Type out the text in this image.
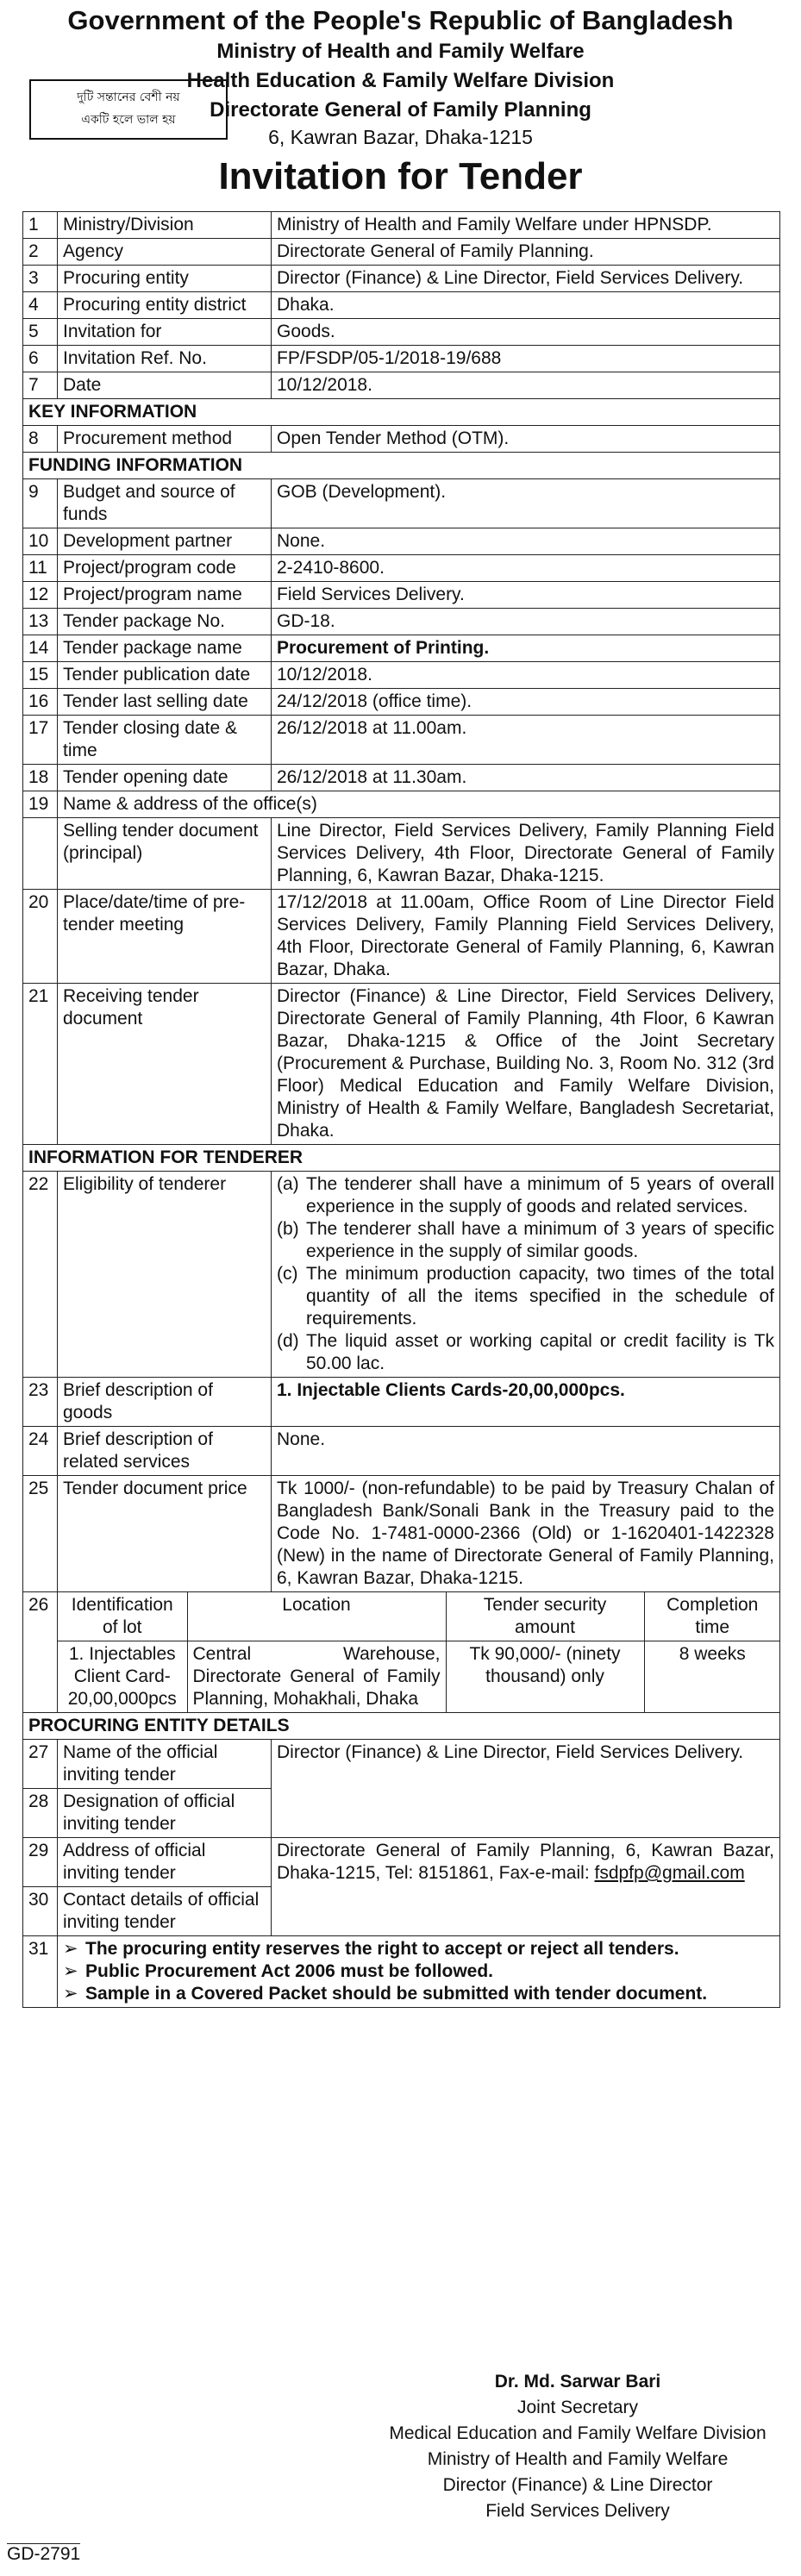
Government of the People's Republic of Bangladesh
Ministry of Health and Family Welfare
Health Education & Family Welfare Division
Directorate General of Family Planning
6, Kawran Bazar, Dhaka-1215
দুটি সন্তানের বেশী নয়
একটি হলে ভাল হয়
Invitation for Tender
1	Ministry/Division	Ministry of Health and Family Welfare under HPNSDP.
2	Agency	Directorate General of Family Planning.
3	Procuring entity	Director (Finance) & Line Director, Field Services Delivery.
4	Procuring entity district	Dhaka.
5	Invitation for	Goods.
6	Invitation Ref. No.	FP/FSDP/05-1/2018-19/688
7	Date	10/12/2018.
KEY INFORMATION
8	Procurement method	Open Tender Method (OTM).
FUNDING INFORMATION
9	Budget and source of funds	GOB (Development).
10	Development partner	None.
11	Project/program code	2-2410-8600.
12	Project/program name	Field Services Delivery.
13	Tender package No.	GD-18.
14	Tender package name	Procurement of Printing.
15	Tender publication date	10/12/2018.
16	Tender last selling date	24/12/2018 (office time).
17	Tender closing date & time	26/12/2018 at 11.00am.
18	Tender opening date	26/12/2018 at 11.30am.
19	Name & address of the office(s)
	Selling tender document (principal)	Line Director, Field Services Delivery, Family Planning Field Services Delivery, 4th Floor, Directorate General of Family Planning, 6, Kawran Bazar, Dhaka-1215.
20	Place/date/time of pre-tender meeting	17/12/2018 at 11.00am, Office Room of Line Director Field Services Delivery, Family Planning Field Services Delivery, 4th Floor, Directorate General of Family Planning, 6, Kawran Bazar, Dhaka.
21	Receiving tender document	Director (Finance) & Line Director, Field Services Delivery, Directorate General of Family Planning, 4th Floor, 6 Kawran Bazar, Dhaka-1215 & Office of the Joint Secretary (Procurement & Purchase, Building No. 3, Room No. 312 (3rd Floor) Medical Education and Family Welfare Division, Ministry of Health & Family Welfare, Bangladesh Secretariat, Dhaka.
INFORMATION FOR TENDERER
22	Eligibility of tenderer	(a) The tenderer shall have a minimum of 5 years of overall experience in the supply of goods and related services.
(b) The tenderer shall have a minimum of 3 years of specific experience in the supply of similar goods.
(c) The minimum production capacity, two times of the total quantity of all the items specified in the schedule of requirements.
(d) The liquid asset or working capital or credit facility is Tk 50.00 lac.

23	Brief description of goods	1. Injectable Clients Cards-20,00,000pcs.
24	Brief description of related services	None.
25	Tender document price	Tk 1000/- (non-refundable) to be paid by Treasury Chalan of Bangladesh Bank/Sonali Bank in the Treasury paid to the Code No. 1-7481-0000-2366 (Old) or 1-1620401-1422328 (New) in the name of Directorate General of Family Planning, 6, Kawran Bazar, Dhaka-1215.
26	Identification of lot	Location	Tender security amount	Completion time
1. Injectables Client Card-20,00,000pcs	Central Warehouse, Directorate General of Family Planning, Mohakhali, Dhaka	Tk 90,000/- (ninety thousand) only	8 weeks

PROCURING ENTITY DETAILS
27	Name of the official inviting tender	Director (Finance) & Line Director, Field Services Delivery.
28	Designation of official inviting tender
29	Address of official inviting tender	Directorate General of Family Planning, 6, Kawran Bazar, Dhaka-1215, Tel: 8151861, Fax-e-mail: fsdpfp@gmail.com
30	Contact details of official inviting tender
31	➢ The procuring entity reserves the right to accept or reject all tenders.
➢ Public Procurement Act 2006 must be followed.
➢ Sample in a Covered Packet should be submitted with tender document.
Dr. Md. Sarwar Bari
Joint Secretary
Medical Education and Family Welfare Division
Ministry of Health and Family Welfare
Director (Finance) & Line Director
Field Services Delivery
GD-2791
